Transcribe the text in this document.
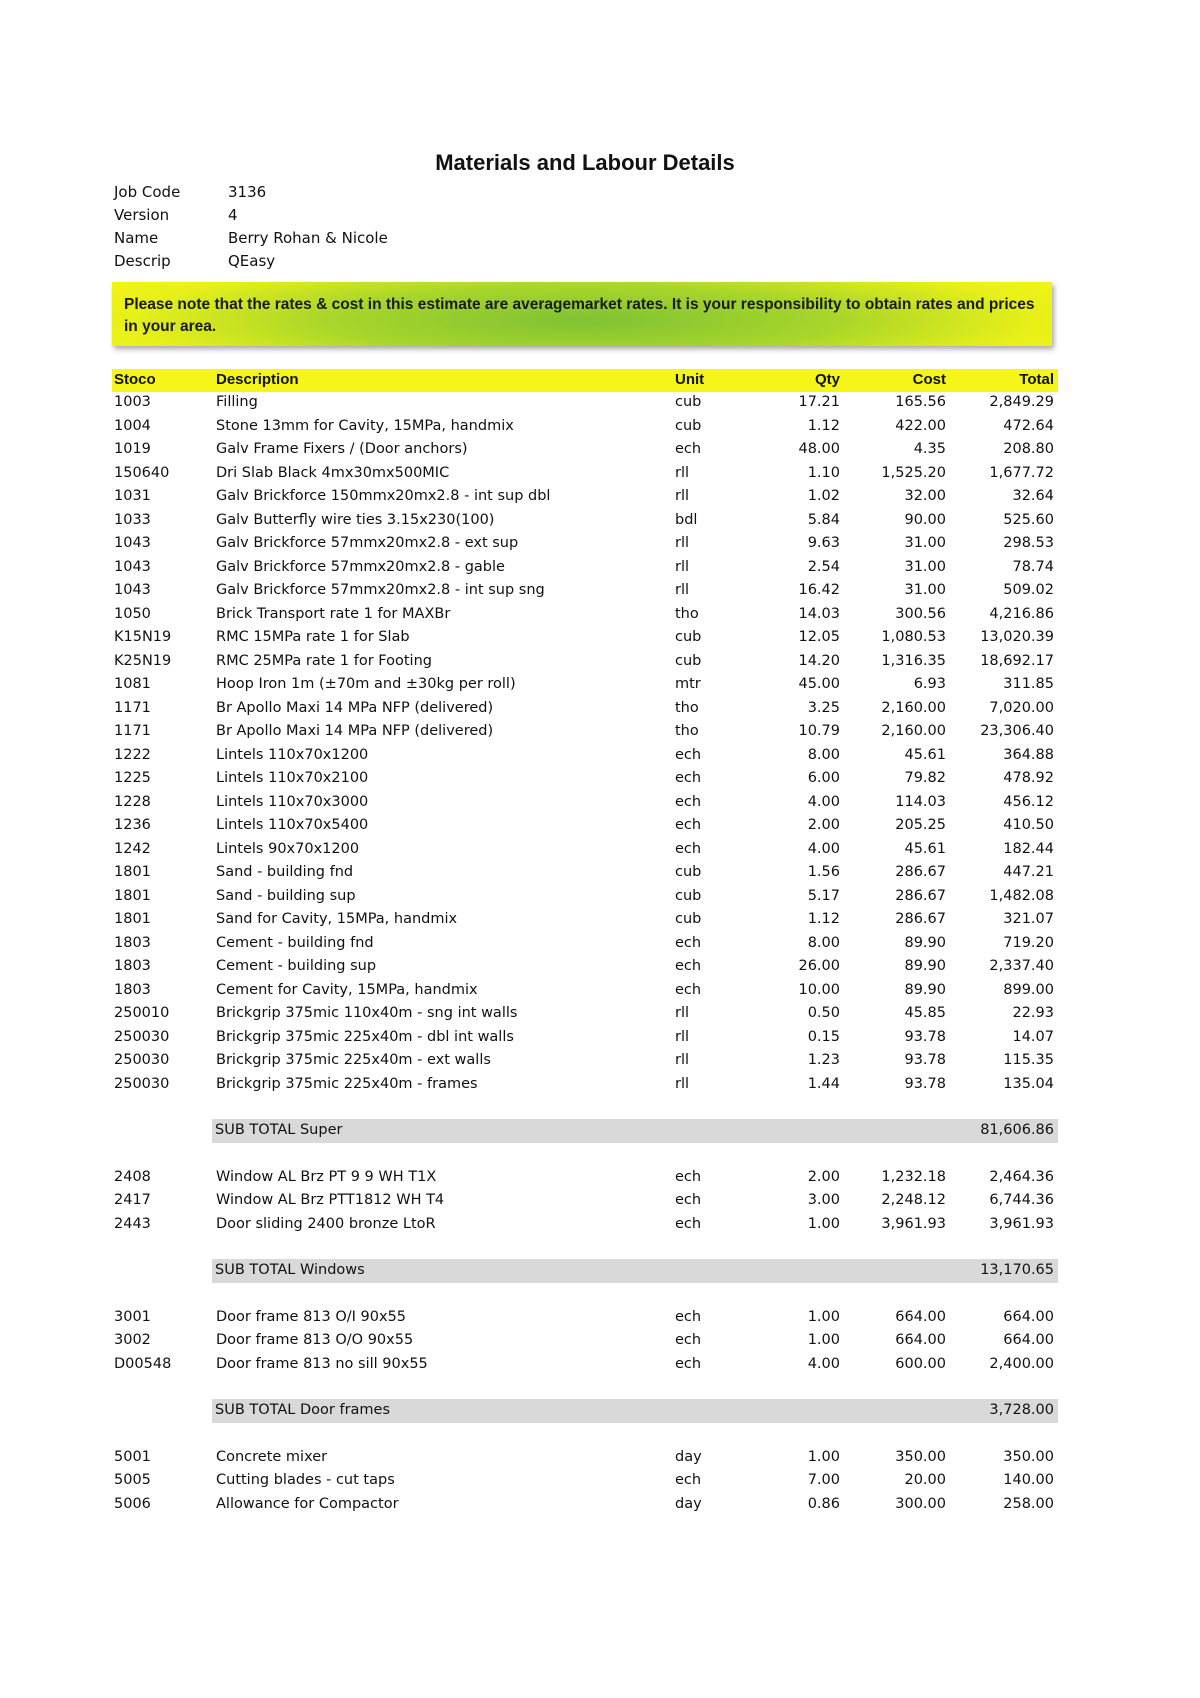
Materials and Labour Details
Job Code	3136
Version	4
Name	Berry Rohan & Nicole
Descrip	QEasy
Please note that the rates & cost in this estimate are averagemarket rates. It is your responsibility to obtain rates and prices in your area.
Stoco	Description	Unit	Qty	Cost	Total
1003	Filling	cub	17.21	165.56	2,849.29
1004	Stone 13mm for Cavity, 15MPa, handmix	cub	1.12	422.00	472.64
1019	Galv Frame Fixers / (Door anchors)	ech	48.00	4.35	208.80
150640	Dri Slab Black 4mx30mx500MIC	rll	1.10	1,525.20	1,677.72
1031	Galv Brickforce 150mmx20mx2.8 - int sup dbl	rll	1.02	32.00	32.64
1033	Galv Butterfly wire ties 3.15x230(100)	bdl	5.84	90.00	525.60
1043	Galv Brickforce 57mmx20mx2.8 - ext sup	rll	9.63	31.00	298.53
1043	Galv Brickforce 57mmx20mx2.8 - gable	rll	2.54	31.00	78.74
1043	Galv Brickforce 57mmx20mx2.8 - int sup sng	rll	16.42	31.00	509.02
1050	Brick Transport rate 1 for MAXBr	tho	14.03	300.56	4,216.86
K15N19	RMC 15MPa rate 1 for Slab	cub	12.05	1,080.53 13,020.39
K25N19	RMC 25MPa rate 1 for Footing	cub	14.20	1,316.35 18,692.17
1081	Hoop Iron 1m (±70m and ±30kg per roll)	mtr	45.00	6.93	311.85
1171	Br Apollo Maxi 14 MPa NFP (delivered)	tho	3.25	2,160.00	7,020.00
1171	Br Apollo Maxi 14 MPa NFP (delivered)	tho	10.79	2,160.00 23,306.40
1222	Lintels 110x70x1200	ech	8.00	45.61	364.88
1225	Lintels 110x70x2100	ech	6.00	79.82	478.92
1228	Lintels 110x70x3000	ech	4.00	114.03	456.12
1236	Lintels 110x70x5400	ech	2.00	205.25	410.50
1242	Lintels 90x70x1200	ech	4.00	45.61	182.44
1801	Sand - building fnd	cub	1.56	286.67	447.21
1801	Sand - building sup	cub	5.17	286.67	1,482.08
1801	Sand for Cavity, 15MPa, handmix	cub	1.12	286.67	321.07
1803	Cement - building fnd	ech	8.00	89.90	719.20
1803	Cement - building sup	ech	26.00	89.90	2,337.40
1803	Cement for Cavity, 15MPa, handmix	ech	10.00	89.90	899.00
250010	Brickgrip 375mic 110x40m - sng int walls	rll	0.50	45.85	22.93
250030	Brickgrip 375mic 225x40m - dbl int walls	rll	0.15	93.78	14.07
250030	Brickgrip 375mic 225x40m - ext walls	rll	1.23	93.78	115.35
250030	Brickgrip 375mic 225x40m - frames	rll	1.44	93.78	135.04
SUB TOTAL Super	81,606.86
2408	Window AL Brz PT 9 9 WH T1X	ech	2.00	1,232.18	2,464.36
2417	Window AL Brz PTT1812 WH T4	ech	3.00	2,248.12	6,744.36
2443	Door sliding 2400 bronze LtoR	ech	1.00	3,961.93	3,961.93
SUB TOTAL Windows	13,170.65
3001	Door frame 813 O/I 90x55	ech	1.00	664.00	664.00
3002	Door frame 813 O/O 90x55	ech	1.00	664.00	664.00
D00548	Door frame 813 no sill 90x55	ech	4.00	600.00	2,400.00
SUB TOTAL Door frames	3,728.00
5001	Concrete mixer	day	1.00	350.00	350.00
5005	Cutting blades - cut taps	ech	7.00	20.00	140.00
5006	Allowance for Compactor	day	0.86	300.00	258.00
